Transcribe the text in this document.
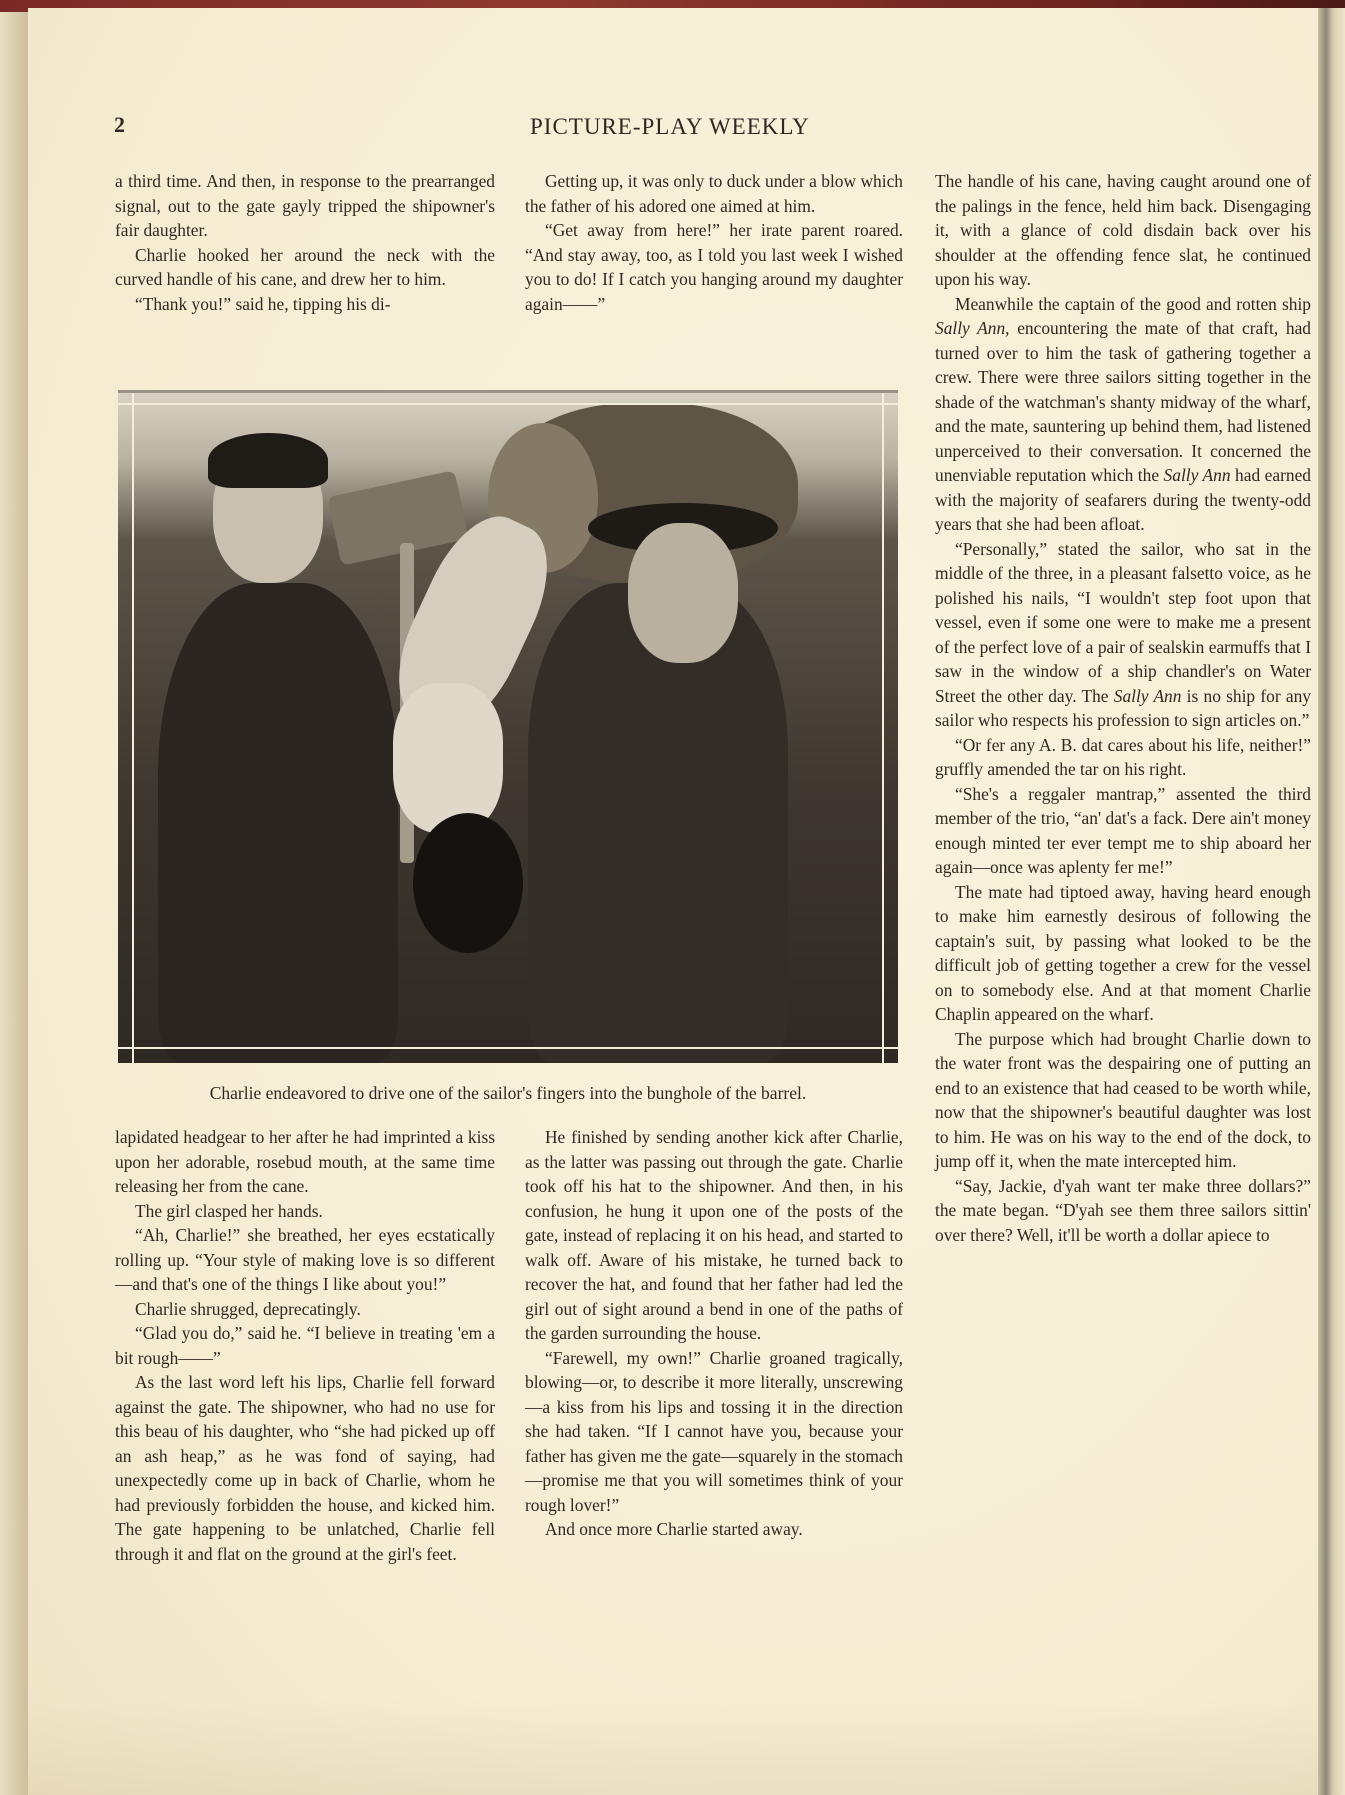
2	PICTURE-PLAY WEEKLY

a third time. And then, in response to the prearranged signal, out to the gate gayly tripped the shipowner's fair daughter.

Charlie hooked her around the neck with the curved handle of his cane, and drew her to him.

“Thank you!” said he, tipping his di-

Getting up, it was only to duck under a blow which the father of his adored one aimed at him.

“Get away from here!” her irate parent roared. “And stay away, too, as I told you last week I wished you to do! If I catch you hanging around my daughter again——”

The handle of his cane, having caught around one of the palings in the fence, held him back. Disengaging it, with a glance of cold disdain back over his shoulder at the offending fence slat, he continued upon his way.

Meanwhile the captain of the good and rotten ship Sally Ann, encountering the mate of that craft, had turned over to him the task of gathering together a crew. There were three sailors sitting together in the shade of the watchman's shanty midway of the wharf, and the mate, sauntering up behind them, had listened unperceived to their conversation. It concerned the unenviable reputation which the Sally Ann had earned with the majority of seafarers during the twenty-odd years that she had been afloat.

“Personally,” stated the sailor, who sat in the middle of the three, in a pleasant falsetto voice, as he polished his nails, “I wouldn't step foot upon that vessel, even if some one were to make me a present of the perfect love of a pair of sealskin earmuffs that I saw in the window of a ship chandler's on Water Street the other day. The Sally Ann is no ship for any sailor who respects his profession to sign articles on.”

“Or fer any A. B. dat cares about his life, neither!” gruffly amended the tar on his right.

“She's a reggaler mantrap,” assented the third member of the trio, “an' dat's a fack. Dere ain't money enough minted ter ever tempt me to ship aboard her again—once was aplenty fer me!”

The mate had tiptoed away, having heard enough to make him earnestly desirous of following the captain's suit, by passing what looked to be the difficult job of getting together a crew for the vessel on to somebody else. And at that moment Charlie Chaplin appeared on the wharf.

The purpose which had brought Charlie down to the water front was the despairing one of putting an end to an existence that had ceased to be worth while, now that the shipowner's beautiful daughter was lost to him. He was on his way to the end of the dock, to jump off it, when the mate intercepted him.

“Say, Jackie, d'yah want ter make three dollars?” the mate began. “D'yah see them three sailors sittin' over there? Well, it'll be worth a dollar apiece to

Charlie endeavored to drive one of the sailor's fingers into the bunghole of the barrel.

lapidated headgear to her after he had imprinted a kiss upon her adorable, rosebud mouth, at the same time releasing her from the cane.

The girl clasped her hands.

“Ah, Charlie!” she breathed, her eyes ecstatically rolling up. “Your style of making love is so different—and that's one of the things I like about you!”

Charlie shrugged, deprecatingly.

“Glad you do,” said he. “I believe in treating 'em a bit rough——”

As the last word left his lips, Charlie fell forward against the gate. The shipowner, who had no use for this beau of his daughter, who “she had picked up off an ash heap,” as he was fond of saying, had unexpectedly come up in back of Charlie, whom he had previously forbidden the house, and kicked him. The gate happening to be unlatched, Charlie fell through it and flat on the ground at the girl's feet.

He finished by sending another kick after Charlie, as the latter was passing out through the gate. Charlie took off his hat to the shipowner. And then, in his confusion, he hung it upon one of the posts of the gate, instead of replacing it on his head, and started to walk off. Aware of his mistake, he turned back to recover the hat, and found that her father had led the girl out of sight around a bend in one of the paths of the garden surrounding the house.

“Farewell, my own!” Charlie groaned tragically, blowing—or, to describe it more literally, unscrewing—a kiss from his lips and tossing it in the direction she had taken. “If I cannot have you, because your father has given me the gate—squarely in the stomach—promise me that you will sometimes think of your rough lover!”

And once more Charlie started away.
